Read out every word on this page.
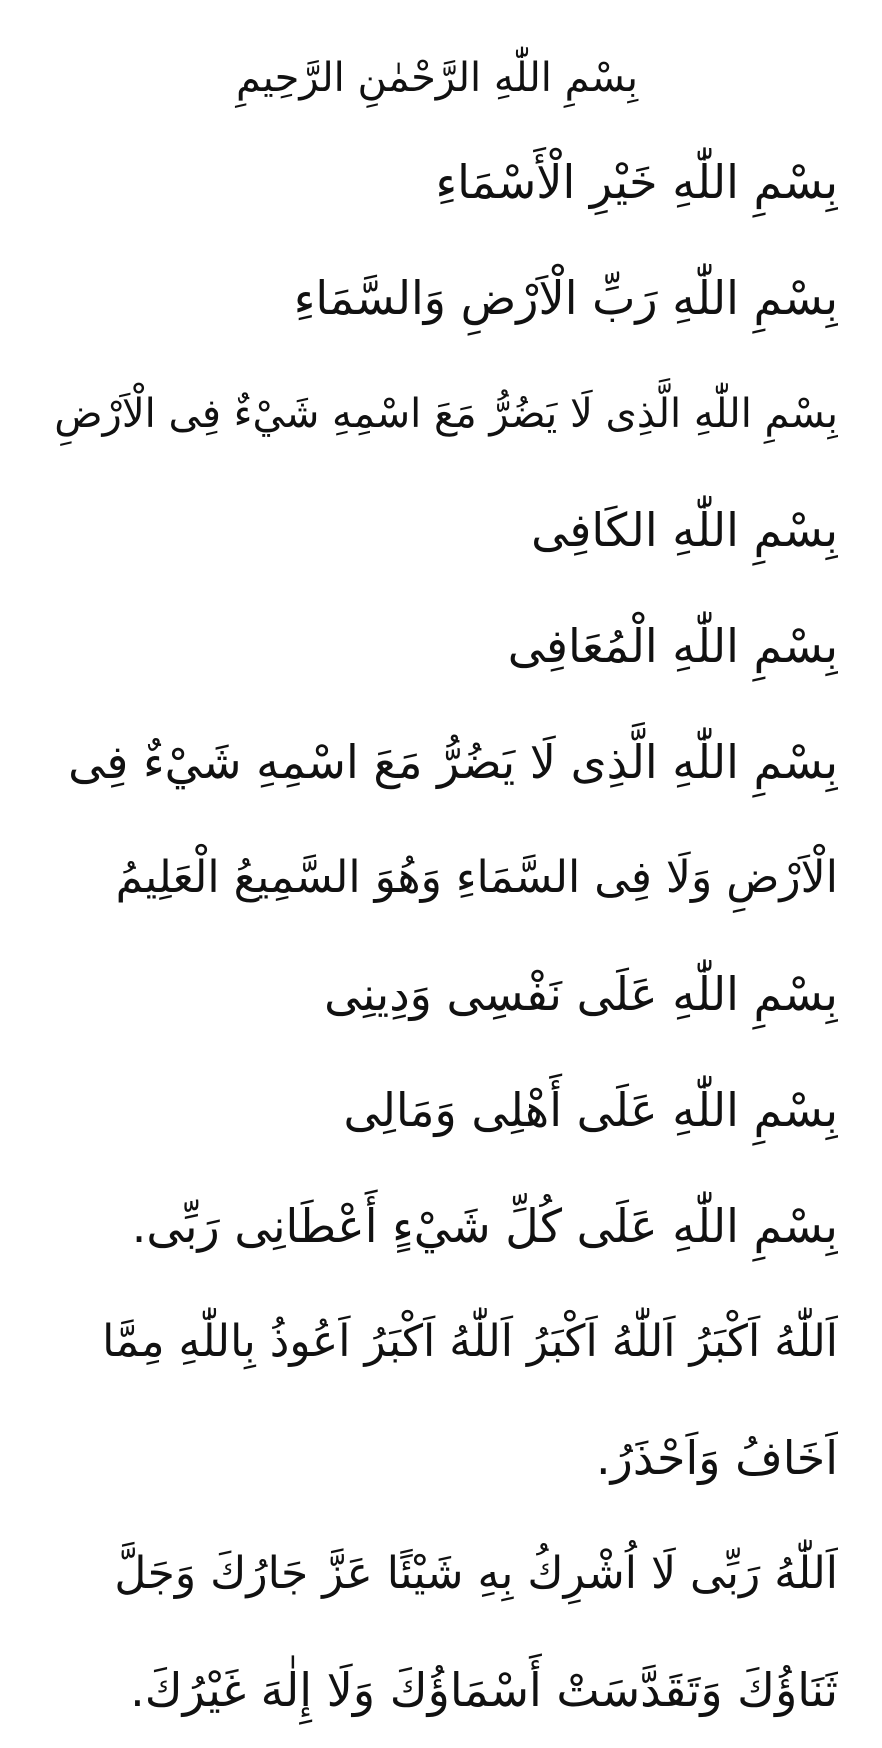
بِسْمِ اللّٰهِ الرَّحْمٰنِ الرَّحِيمِ
بِسْمِ اللّٰهِ خَيْرِ الْأَسْمَاءِ
بِسْمِ اللّٰهِ رَبِّ الْاَرْضِ وَالسَّمَاءِ
بِسْمِ اللّٰهِ الَّذِى لَا يَضُرُّ مَعَ اسْمِهِ شَيْءٌ فِى الْاَرْضِ
بِسْمِ اللّٰهِ الكَافِى
بِسْمِ اللّٰهِ الْمُعَافِى
بِسْمِ اللّٰهِ الَّذِى لَا يَضُرُّ مَعَ اسْمِهِ شَيْءٌ فِى
الْاَرْضِ وَلَا فِى السَّمَاءِ وَهُوَ السَّمِيعُ الْعَلِيمُ
بِسْمِ اللّٰهِ عَلَى نَفْسِى وَدِينِى
بِسْمِ اللّٰهِ عَلَى أَهْلِى وَمَالِى
بِسْمِ اللّٰهِ عَلَى كُلِّ شَيْءٍ أَعْطَانِى رَبِّى.
اَللّٰهُ اَكْبَرُ اَللّٰهُ اَكْبَرُ اَللّٰهُ اَكْبَرُ اَعُوذُ بِاللّٰهِ مِمَّا
اَخَافُ وَاَحْذَرُ.
اَللّٰهُ رَبِّى لَا اُشْرِكُ بِهِ شَيْئًا عَزَّ جَارُكَ وَجَلَّ
ثَنَاؤُكَ وَتَقَدَّسَتْ أَسْمَاؤُكَ وَلَا إِلٰهَ غَيْرُكَ.
